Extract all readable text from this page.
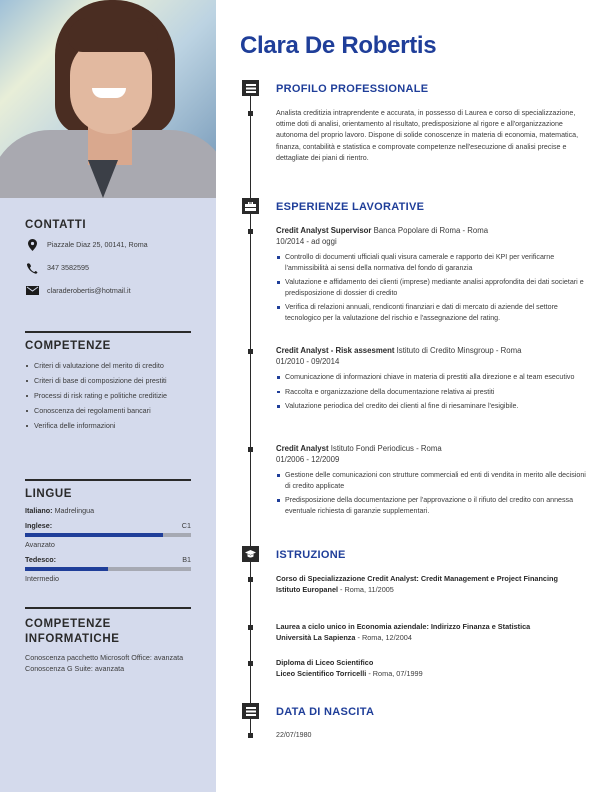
CONTATTI
Piazzale Diaz 25, 00141, Roma
347 3582595
claraderobertis@hotmail.it
COMPETENZE
Criteri di valutazione del merito di credito
Criteri di base di composizione dei prestiti
Processi di risk rating e politiche creditizie
Conoscenza dei regolamenti bancari
Verifica delle informazioni
LINGUE
Italiano: Madrelingua
Inglese:	C1
Avanzato
Tedesco:	B1
Intermedio
COMPETENZE
INFORMATICHE
Conoscenza pacchetto Microsoft Office: avanzata
Conoscenza G Suite: avanzata
Clara De Robertis
PROFILO PROFESSIONALE

Analista creditizia intraprendente e accurata, in possesso di Laurea e corso di specializzazione, ottime doti di analisi, orientamento al risultato, predisposizione al rigore e all'organizzazione autonoma del proprio lavoro. Dispone di solide conoscenze in materia di economia, matematica, finanza, contabilità e statistica e comprovate competenze nell'esecuzione di analisi precise e dettagliate dei piani di rientro.

ESPERIENZE LAVORATIVE
Credit Analyst Supervisor Banca Popolare di Roma - Roma
10/2014 - ad oggi
Controllo di documenti ufficiali quali visura camerale e rapporto dei KPI per verificarne l'ammissibilità ai sensi della normativa del fondo di garanzia
Valutazione e affidamento dei clienti (imprese) mediante analisi approfondita dei dati societari e predisposizione di dossier di credito
Verifica di relazioni annuali, rendiconti finanziari e dati di mercato di aziende del settore tecnologico per la valutazione del rischio e l'assegnazione del rating.
Credit Analyst - Risk assesment Istituto di Credito Minsgroup - Roma
01/2010 - 09/2014
Comunicazione di informazioni chiave in materia di prestiti alla direzione e al team esecutivo
Raccolta e organizzazione della documentazione relativa ai prestiti
Valutazione periodica del credito dei clienti al fine di riesaminare l'esigibile.
Credit Analyst Istituto Fondi Periodicus - Roma
01/2006 - 12/2009
Gestione delle comunicazioni con strutture commerciali ed enti di vendita in merito alle decisioni di credito applicate
Predisposizione della documentazione per l'approvazione o il rifiuto del credito con annessa eventuale richiesta di garanzie supplementari.
ISTRUZIONE
Corso di Specializzazione Credit Analyst: Credit Management e Project Financing
Istituto Europanel - Roma, 11/2005
Laurea a ciclo unico in Economia aziendale: Indirizzo Finanza e Statistica
Università La Sapienza - Roma, 12/2004
Diploma di Liceo Scientifico
Liceo Scientifico Torricelli - Roma, 07/1999
DATA DI NASCITA
22/07/1980
